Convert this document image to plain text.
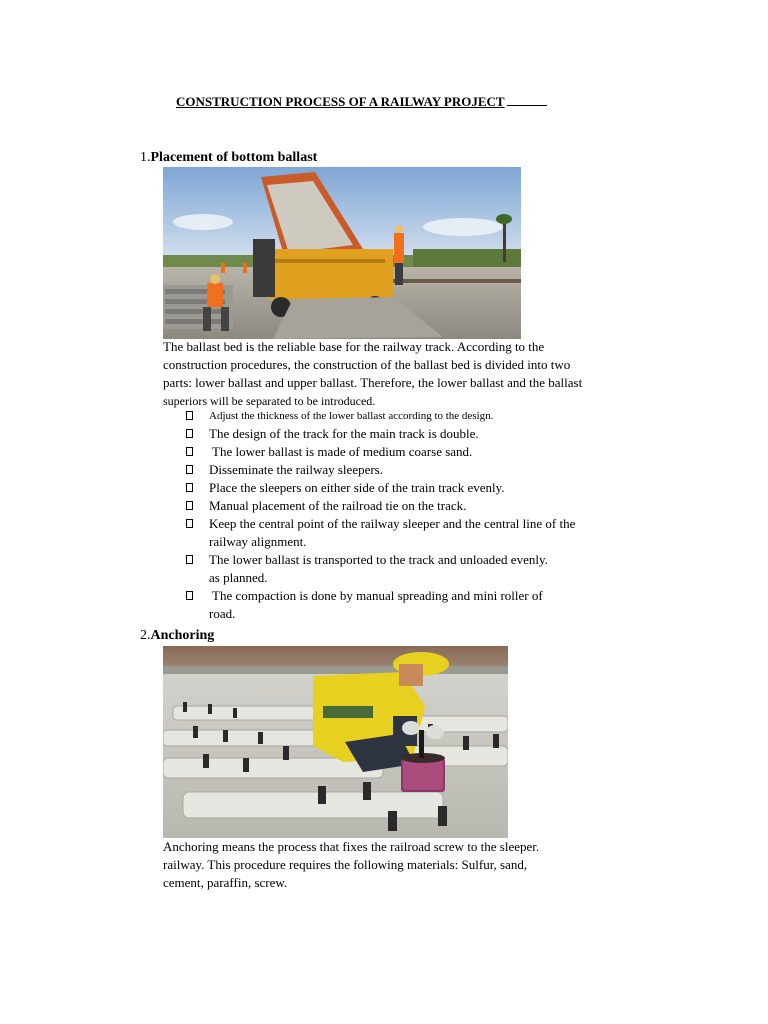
CONSTRUCTION PROCESS OF A RAILWAY PROJECT
1.Placement of bottom ballast
The ballast bed is the reliable base for the railway track. According to the
construction procedures, the construction of the ballast bed is divided into two
parts: lower ballast and upper ballast. Therefore, the lower ballast and the ballast
superiors will be separated to be introduced.
Adjust the thickness of the lower ballast according to the design.
The design of the track for the main track is double.
The lower ballast is made of medium coarse sand.
Disseminate the railway sleepers.
Place the sleepers on either side of the train track evenly.
Manual placement of the railroad tie on the track.
Keep the central point of the railway sleeper and the central line of the
railway alignment.
The lower ballast is transported to the track and unloaded evenly.
as planned.
The compaction is done by manual spreading and mini roller of
road.
2.Anchoring
Anchoring means the process that fixes the railroad screw to the sleeper.
railway. This procedure requires the following materials: Sulfur, sand,
cement, paraffin, screw.
